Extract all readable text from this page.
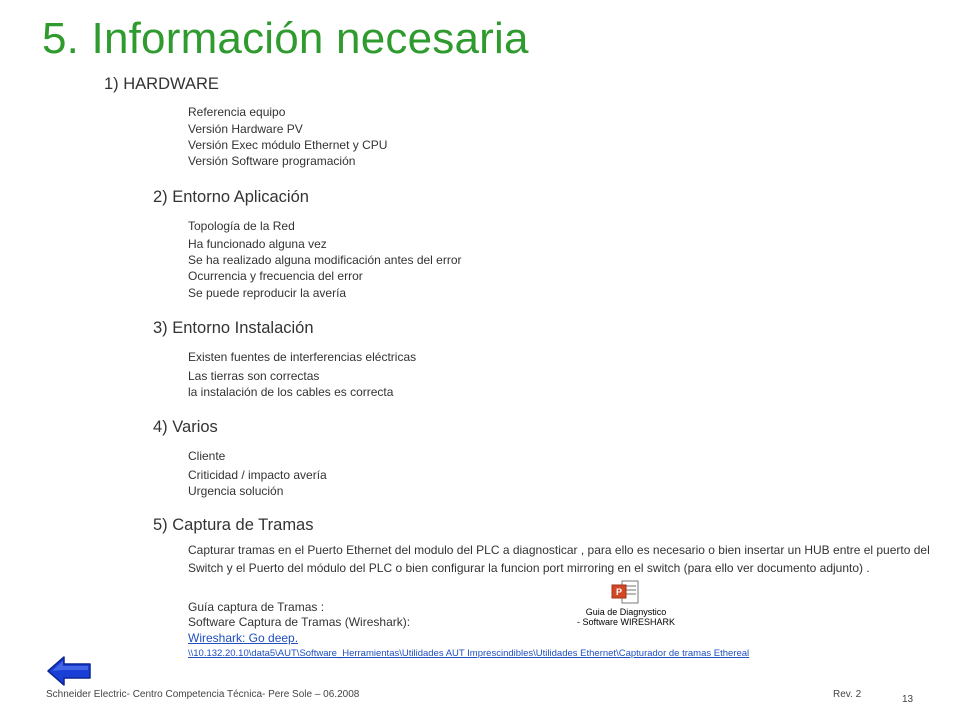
5. Información necesaria
1) HARDWARE
Referencia equipo
Versión Hardware PV
Versión Exec módulo Ethernet y CPU
Versión Software programación
2) Entorno Aplicación
Topología de la Red
Ha funcionado alguna vez
Se ha realizado alguna modificación antes del error
Ocurrencia y frecuencia del error
Se puede reproducir la avería
3) Entorno Instalación
Existen fuentes de interferencias eléctricas
Las tierras son correctas
la instalación de los cables es correcta
4) Varios
Cliente
Criticidad / impacto avería
Urgencia solución
5) Captura de Tramas
Capturar tramas en el Puerto Ethernet del modulo del PLC a diagnosticar , para ello es necesario o bien insertar un HUB entre el puerto del Switch y el Puerto del módulo del PLC o bien configurar la funcion port mirroring en el switch (para ello ver documento adjunto) .
Guía captura de Tramas :
Software Captura de Tramas (Wireshark):
Wireshark: Go deep.
\\10.132.20.10\data5\AUT\Software_Herramientas\Utilidades AUT Imprescindibles\Utilidades Ethernet\Capturador de tramas Ethereal
P
Guia de Diagnystico
- Software WIRESHARK
Schneider Electric- Centro Competencia Técnica- Pere Sole – 06.2008	Rev. 2	13
